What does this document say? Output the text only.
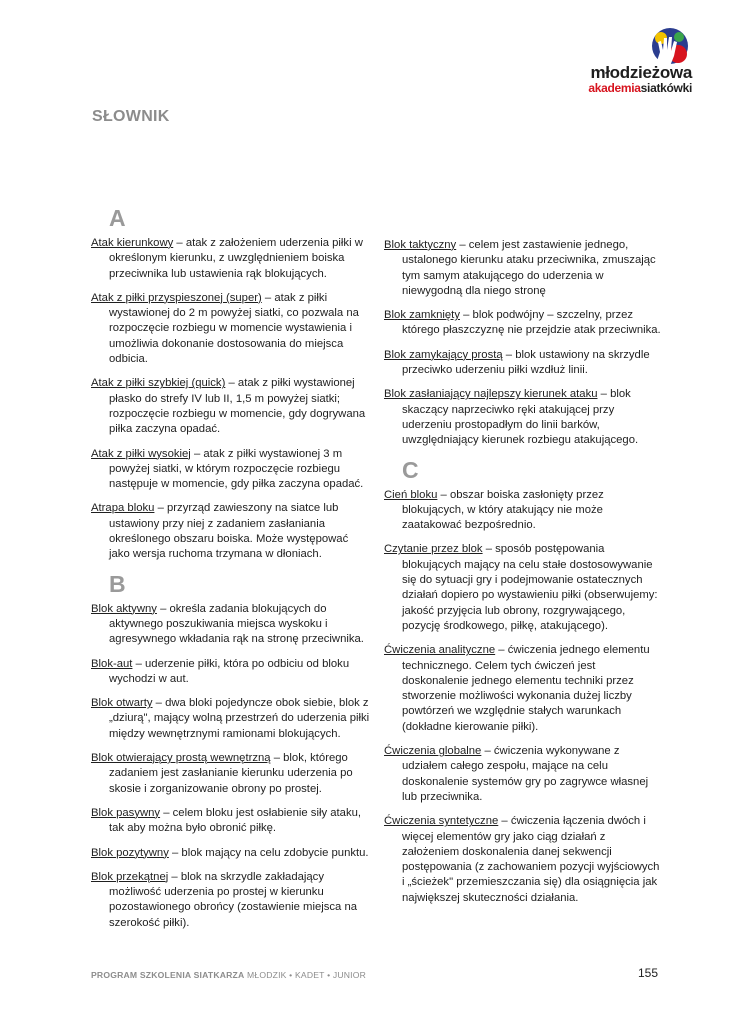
młodzieżowa
akademiasiatkówki
SŁOWNIK
A

Atak kierunkowy – atak z założeniem uderzenia piłki w określonym kierunku, z uwzględnieniem boiska przeciwnika lub ustawienia rąk blokujących.

Atak z piłki przyspieszonej (super) – atak z piłki wystawionej do 2 m powyżej siatki, co pozwala na rozpoczęcie rozbiegu w momencie wystawienia i umożliwia dokonanie dostosowania do miejsca odbicia.

Atak z piłki szybkiej (quick) – atak z piłki wystawionej płasko do strefy IV lub II, 1,5 m powyżej siatki; rozpoczęcie rozbiegu w momencie, gdy dogrywana piłka zaczyna opadać.

Atak z piłki wysokiej – atak z piłki wystawionej 3 m powyżej siatki, w którym rozpoczęcie rozbiegu następuje w momencie, gdy piłka zaczyna opadać.

Atrapa bloku – przyrząd zawieszony na siatce lub ustawiony przy niej z zadaniem zasłaniania określonego obszaru boiska. Może występować jako wersja ruchoma trzymana w dłoniach.

B

Blok aktywny – określa zadania blokujących do aktywnego poszukiwania miejsca wyskoku i agresywnego wkładania rąk na stronę przeciwnika.

Blok-aut – uderzenie piłki, która po odbiciu od bloku wychodzi w aut.

Blok otwarty – dwa bloki pojedyncze obok siebie, blok z „dziurą", mający wolną przestrzeń do uderzenia piłki między wewnętrznymi ramionami blokujących.

Blok otwierający prostą wewnętrzną – blok, którego zadaniem jest zasłanianie kierunku uderzenia po skosie i zorganizowanie obrony po prostej.

Blok pasywny – celem bloku jest osłabienie siły ataku, tak aby można było obronić piłkę.

Blok pozytywny – blok mający na celu zdobycie punktu.

Blok przekątnej – blok na skrzydle zakładający możliwość uderzenia po prostej w kierunku pozostawionego obrońcy (zostawienie miejsca na szerokość piłki).

Blok taktyczny – celem jest zastawienie jednego, ustalonego kierunku ataku przeciwnika, zmuszając tym samym atakującego do uderzenia w niewygodną dla niego stronę

Blok zamknięty – blok podwójny – szczelny, przez którego płaszczyznę nie przejdzie atak przeciwnika.

Blok zamykający prostą – blok ustawiony na skrzydle przeciwko uderzeniu piłki wzdłuż linii.

Blok zasłaniający najlepszy kierunek ataku – blok skaczący naprzeciwko ręki atakującej przy uderzeniu prostopadłym do linii barków, uwzględniający kierunek rozbiegu atakującego.

C

Cień bloku – obszar boiska zasłonięty przez blokujących, w który atakujący nie może zaatakować bezpośrednio.

Czytanie przez blok – sposób postępowania blokujących mający na celu stałe dostosowywanie się do sytuacji gry i podejmowanie ostatecznych działań dopiero po wystawieniu piłki (obserwujemy: jakość przyjęcia lub obrony, rozgrywającego, pozycję środkowego, piłkę, atakującego).

Ćwiczenia analityczne – ćwiczenia jednego elementu technicznego. Celem tych ćwiczeń jest doskonalenie jednego elementu techniki przez stworzenie możliwości wykonania dużej liczby powtórzeń we względnie stałych warunkach (dokładne kierowanie piłki).

Ćwiczenia globalne – ćwiczenia wykonywane z udziałem całego zespołu, mające na celu doskonalenie systemów gry po zagrywce własnej lub przeciwnika.

Ćwiczenia syntetyczne – ćwiczenia łączenia dwóch i więcej elementów gry jako ciąg działań z założeniem doskonalenia danej sekwencji postępowania (z zachowaniem pozycji wyjściowych i „ścieżek" przemieszczania się) dla osiągnięcia jak największej skuteczności działania.

PROGRAM SZKOLENIA SIATKARZA MŁODZIK • KADET • JUNIOR	155
